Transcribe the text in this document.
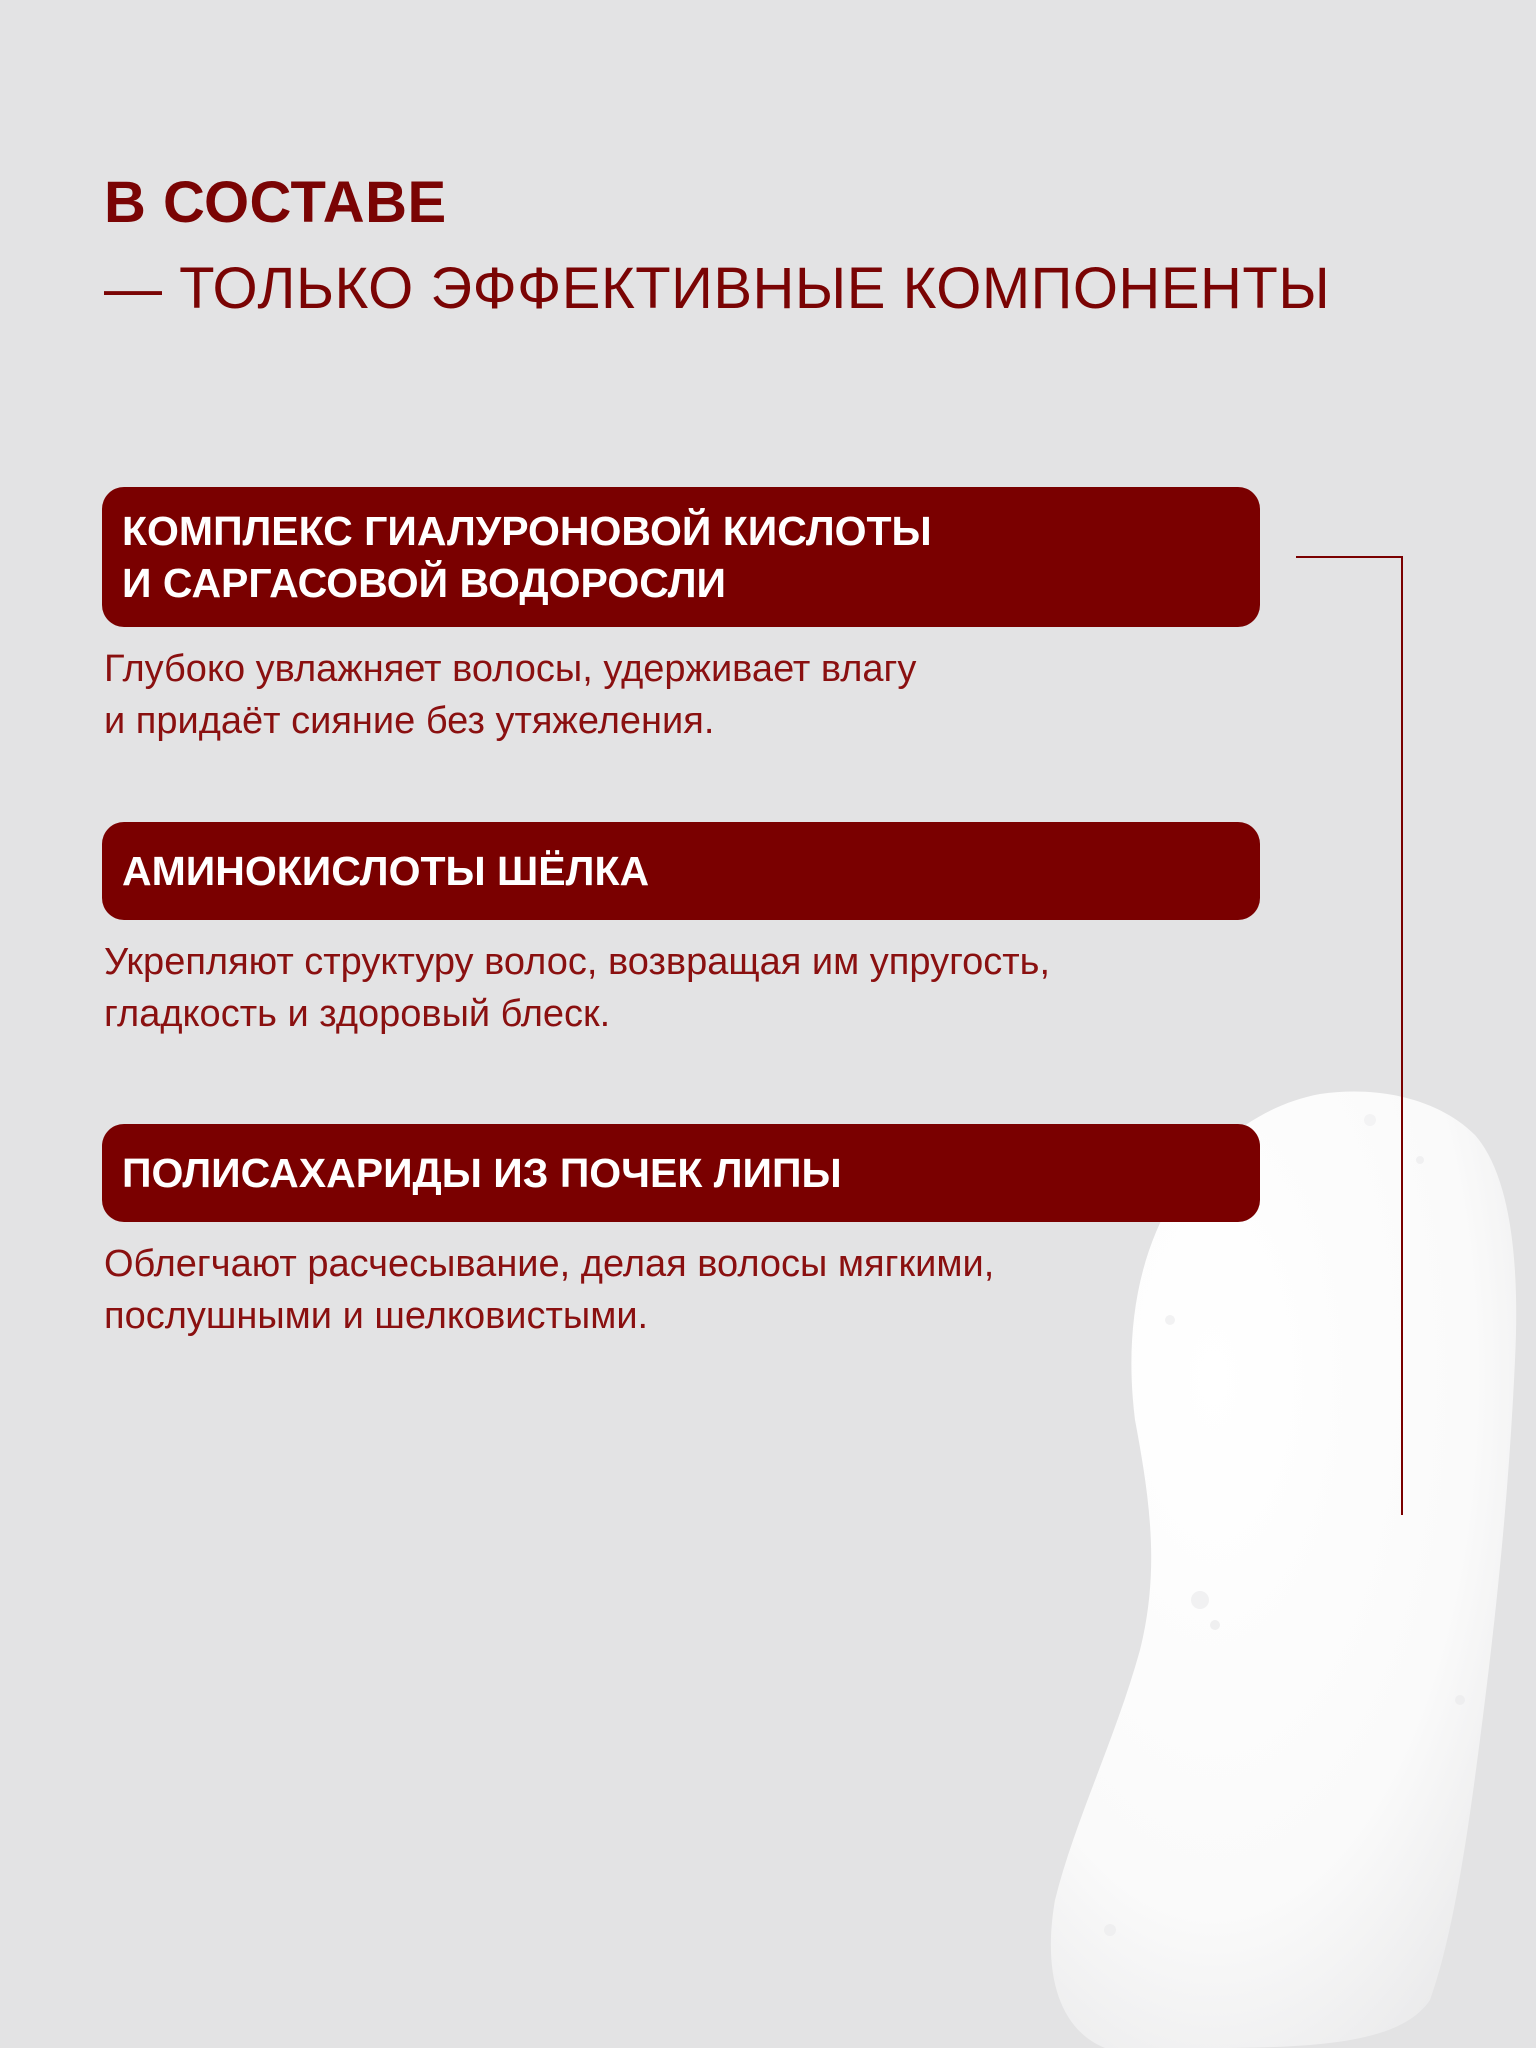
В СОСТАВЕ
— ТОЛЬКО ЭФФЕКТИВНЫЕ КОМПОНЕНТЫ
КОМПЛЕКС ГИАЛУРОНОВОЙ КИСЛОТЫ
И САРГАСОВОЙ ВОДОРОСЛИ
Глубоко увлажняет волосы, удерживает влагу
и придаёт сияние без утяжеления.
АМИНОКИСЛОТЫ ШЁЛКА
Укрепляют структуру волос, возвращая им упругость,
гладкость и здоровый блеск.
ПОЛИСАХАРИДЫ ИЗ ПОЧЕК ЛИПЫ
Облегчают расчесывание, делая волосы мягкими,
послушными и шелковистыми.
